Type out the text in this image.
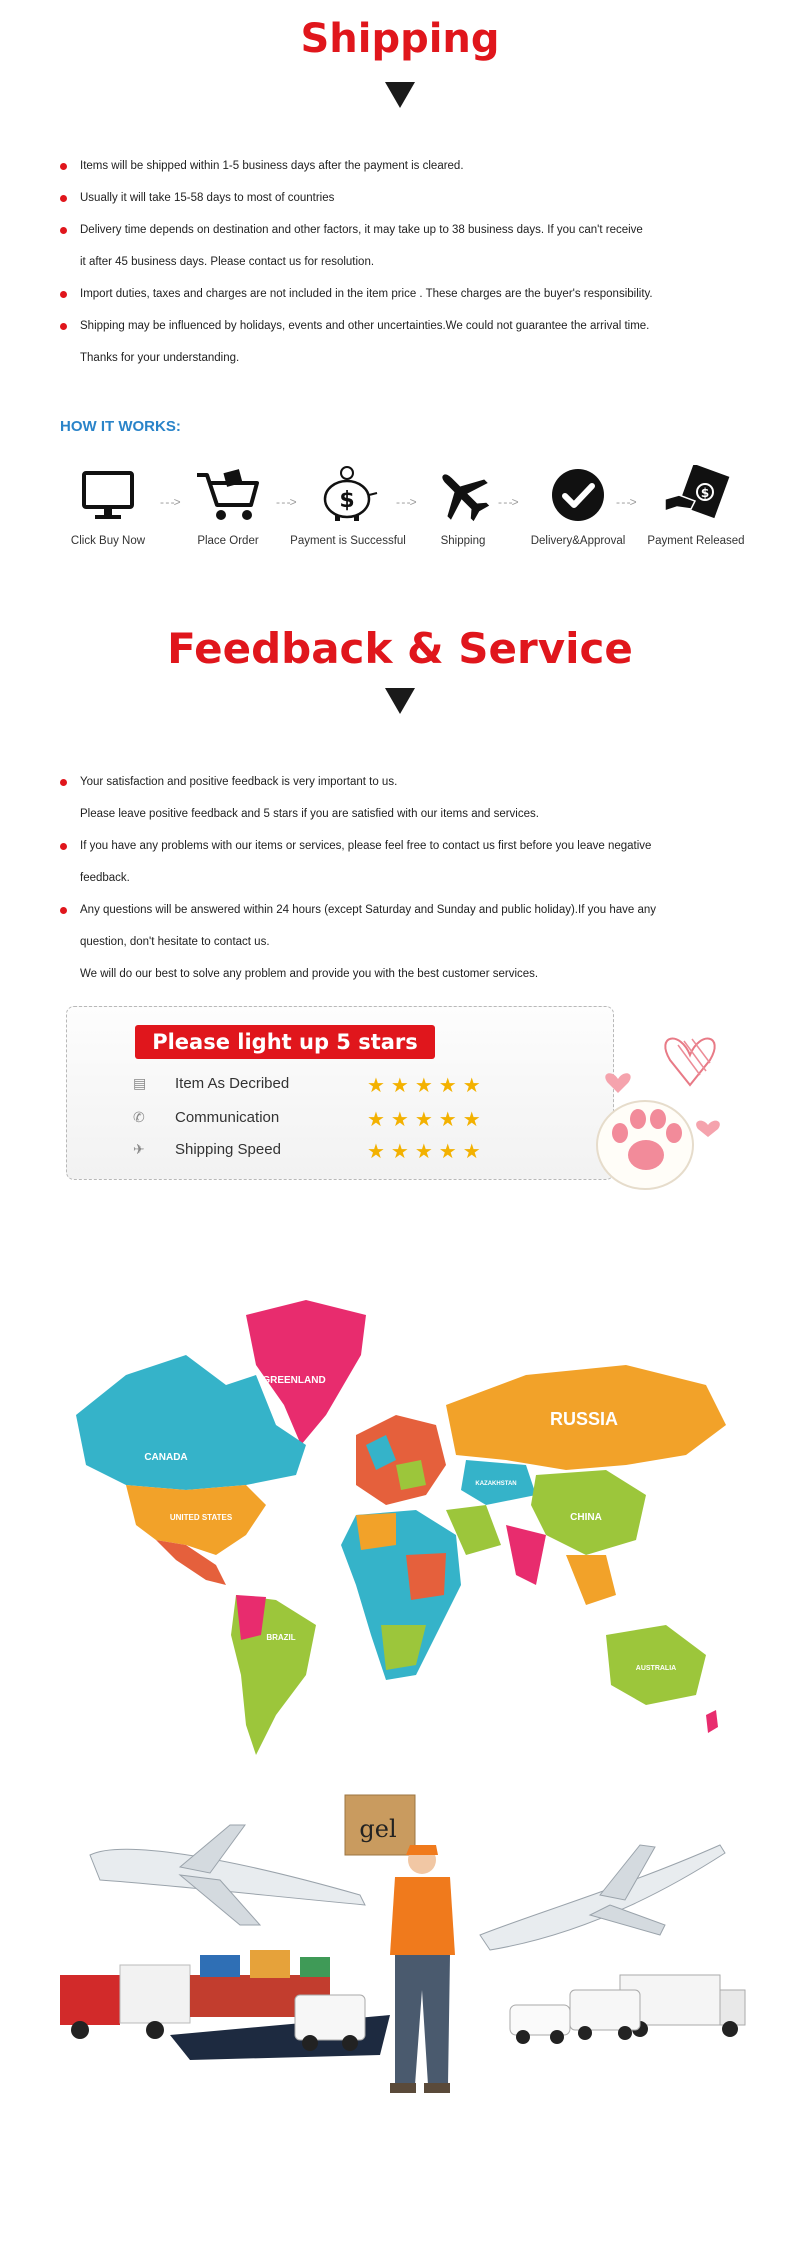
Shipping
Items will be shipped within 1-5 business days after the payment is cleared.
Usually it will take 15-58 days to most of countries
Delivery time depends on destination and other factors, it may take up to 38 business days. If you can't receive
it after 45 business days. Please contact us for resolution.
Import duties, taxes and charges are not included in the item price . These charges are the buyer's responsibility.
Shipping may be influenced by holidays, events and other uncertainties.We could not guarantee the arrival time.
Thanks for your understanding.
HOW IT WORKS:
Click Buy Now
- - ->
Place Order
- - -> $
Payment is Successful
- - ->
Shipping
- - ->
Delivery&Approval
- - ->
$
Payment Released
Feedback & Service
Your satisfaction and positive feedback is very important to us.
Please leave positive feedback and 5 stars if you are satisfied with our items and services.
If you have any problems with our items or services, please feel free to contact us first before you leave negative
feedback.
Any questions will be answered within 24 hours (except Saturday and Sunday and public holiday).If you have any
question, don't hesitate to contact us.
We will do our best to solve any problem and provide you with the best customer services.
Please light up 5 stars
▤ Item As Decribed	★★★★★
✆ Communication	★★★★★
✈ Shipping Speed	★★★★★
GREENLAND
RUSSIA
CANADA
UNITED STATES	CHINA
BRAZIL
AUSTRALIA
KAZAKHSTAN
gel
